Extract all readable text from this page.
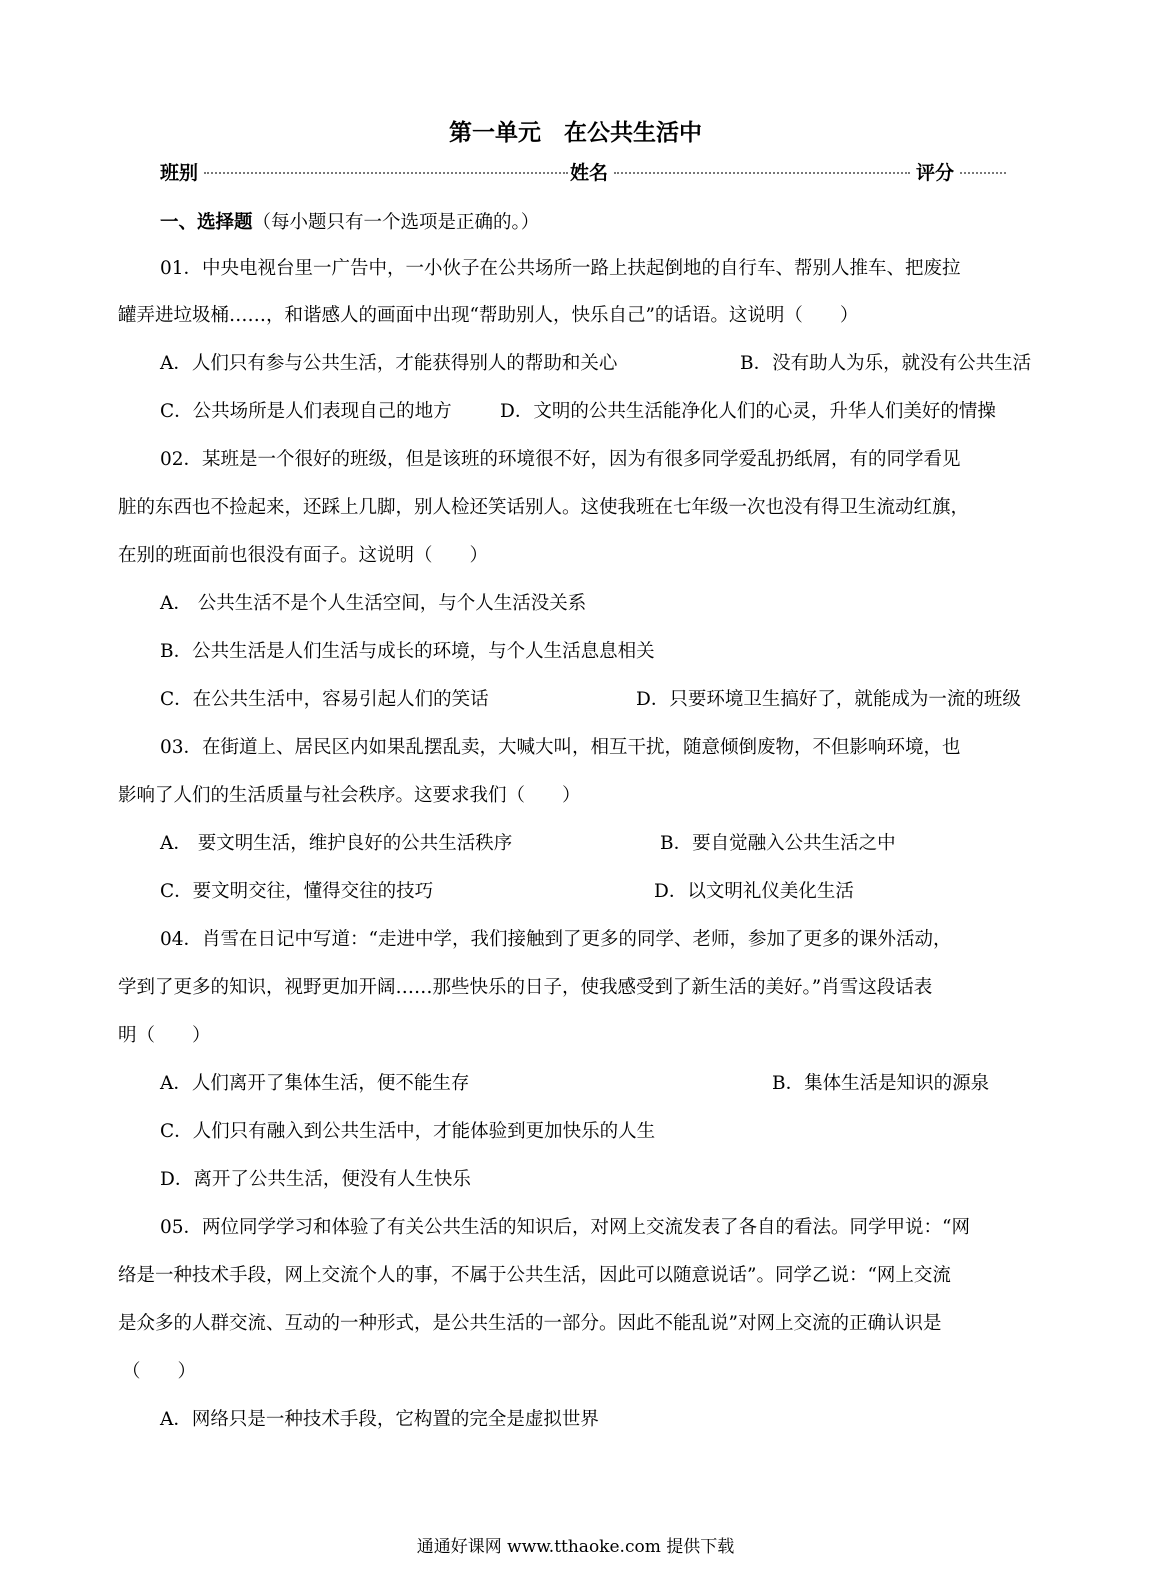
第一单元　在公共生活中
班别	姓名	评分
一、选择题（每小题只有一个选项是正确的。）
01．中央电视台里一广告中，一小伙子在公共场所一路上扶起倒地的自行车、帮别人推车、把废拉
罐弄进垃圾桶……，和谐感人的画面中出现“帮助别人，快乐自己”的话语。这说明（　　）
A．人们只有参与公共生活，才能获得别人的帮助和关心	B．没有助人为乐，就没有公共生活
C．公共场所是人们表现自己的地方	D．文明的公共生活能净化人们的心灵，升华人们美好的情操
02．某班是一个很好的班级，但是该班的环境很不好，因为有很多同学爱乱扔纸屑，有的同学看见
脏的东西也不捡起来，还踩上几脚，别人检还笑话别人。这使我班在七年级一次也没有得卫生流动红旗，
在别的班面前也很没有面子。这说明（　　）
A． 公共生活不是个人生活空间，与个人生活没关系
B．公共生活是人们生活与成长的环境，与个人生活息息相关
C．在公共生活中，容易引起人们的笑话	D．只要环境卫生搞好了，就能成为一流的班级
03．在街道上、居民区内如果乱摆乱卖，大喊大叫，相互干扰，随意倾倒废物，不但影响环境，也
影响了人们的生活质量与社会秩序。这要求我们（　　）
A． 要文明生活，维护良好的公共生活秩序	B．要自觉融入公共生活之中
C．要文明交往，懂得交往的技巧	D．以文明礼仪美化生活
04．肖雪在日记中写道：“走进中学，我们接触到了更多的同学、老师，参加了更多的课外活动，
学到了更多的知识，视野更加开阔……那些快乐的日子，使我感受到了新生活的美好。”肖雪这段话表
明（　　）
A．人们离开了集体生活，便不能生存	B．集体生活是知识的源泉
C．人们只有融入到公共生活中，才能体验到更加快乐的人生
D．离开了公共生活，便没有人生快乐
05．两位同学学习和体验了有关公共生活的知识后，对网上交流发表了各自的看法。同学甲说：“网
络是一种技术手段，网上交流个人的事，不属于公共生活，因此可以随意说话”。同学乙说：“网上交流
是众多的人群交流、互动的一种形式，是公共生活的一部分。因此不能乱说”对网上交流的正确认识是
（　　）
A．网络只是一种技术手段，它构置的完全是虚拟世界
通通好课网 www.tthaoke.com 提供下载
